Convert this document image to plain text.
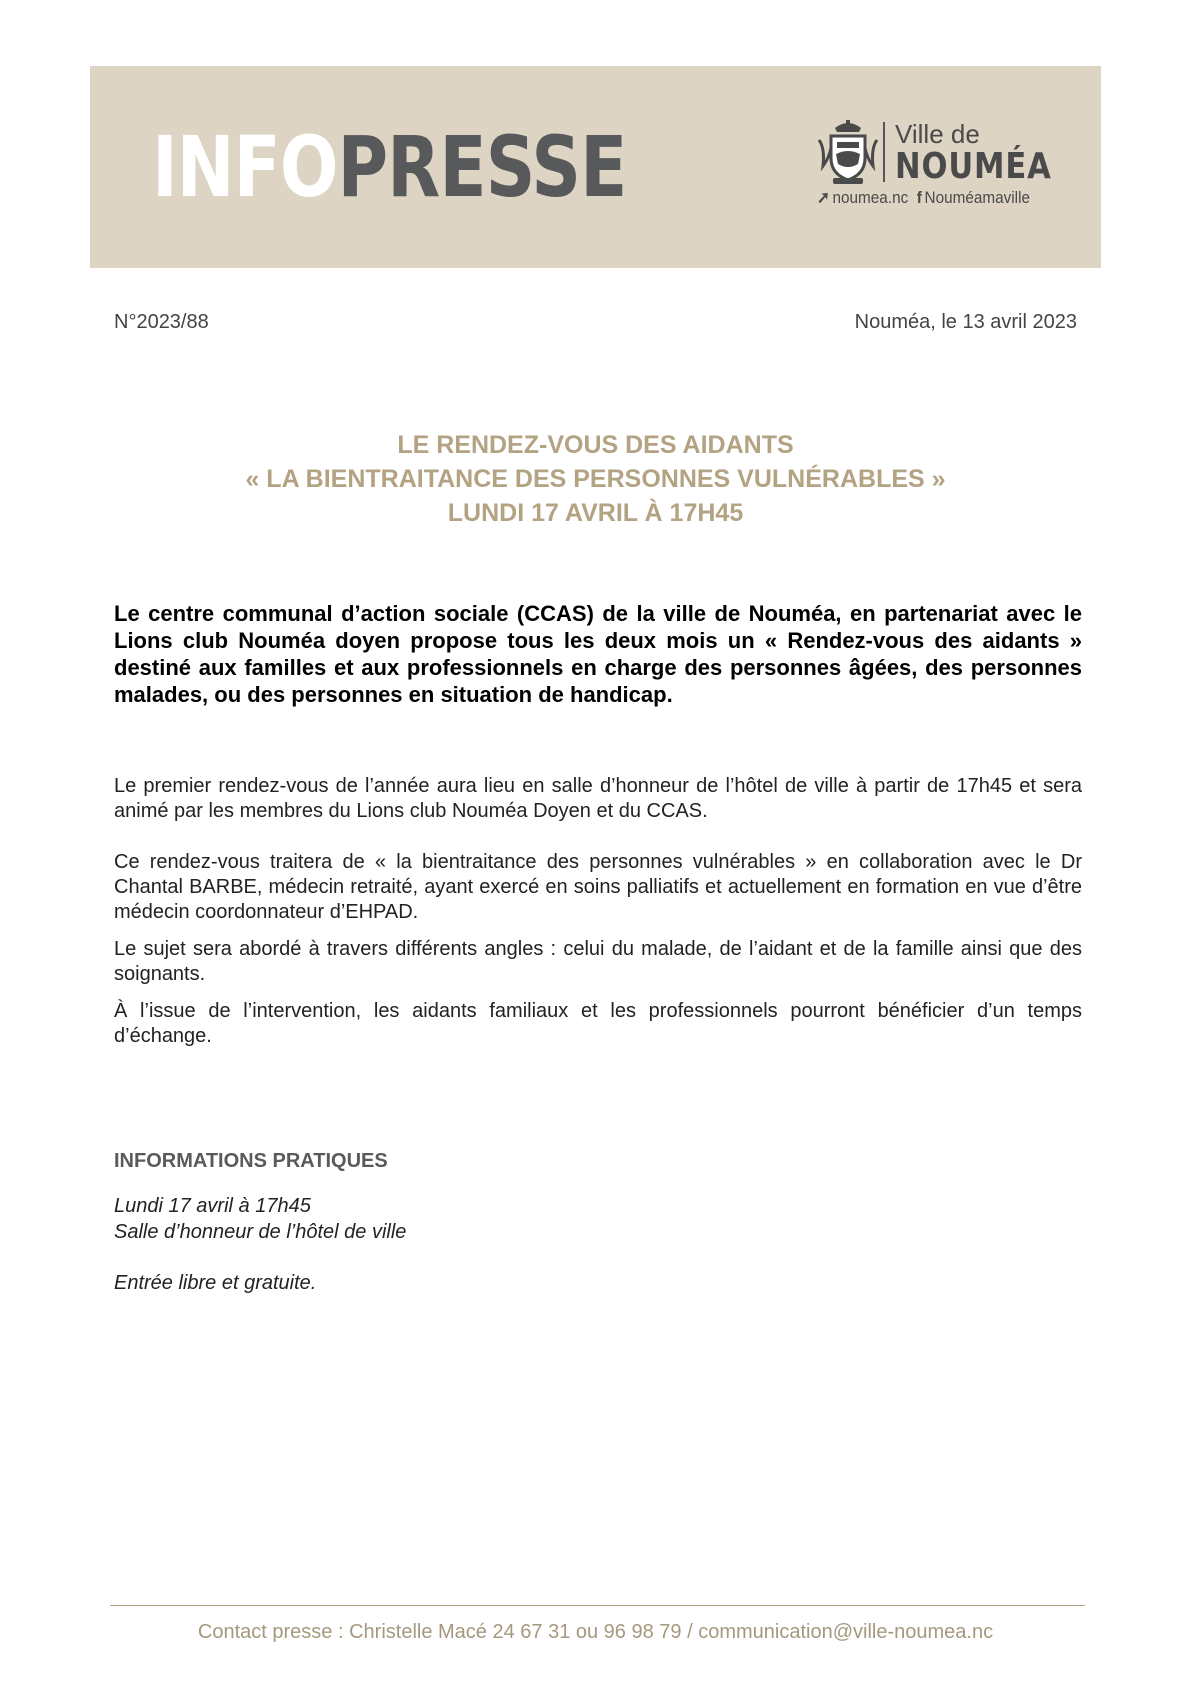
INFOPRESSE	Ville de
NOUMÉA
➚ noumea.nc f Nouméamaville
N°2023/88	Nouméa, le 13 avril 2023
LE RENDEZ-VOUS DES AIDANTS
« LA BIENTRAITANCE DES PERSONNES VULNÉRABLES »
LUNDI 17 AVRIL À 17H45
Le centre communal d’action sociale (CCAS) de la ville de Nouméa, en partenariat avec le Lions club Nouméa doyen propose tous les deux mois un « Rendez-vous des aidants » destiné aux familles et aux professionnels en charge des personnes âgées, des personnes malades, ou des personnes en situation de handicap.
Le premier rendez-vous de l’année aura lieu en salle d’honneur de l’hôtel de ville à partir de 17h45 et sera animé par les membres du Lions club Nouméa Doyen et du CCAS.
Ce rendez-vous traitera de « la bientraitance des personnes vulnérables » en collaboration avec le Dr Chantal BARBE, médecin retraité, ayant exercé en soins palliatifs et actuellement en formation en vue d’être médecin coordonnateur d’EHPAD.
Le sujet sera abordé à travers différents angles : celui du malade, de l’aidant et de la famille ainsi que des soignants.
À l’issue de l’intervention, les aidants familiaux et les professionnels pourront bénéficier d’un temps d’échange.
INFORMATIONS PRATIQUES
Lundi 17 avril à 17h45
Salle d’honneur de l’hôtel de ville
Entrée libre et gratuite.
Contact presse : Christelle Macé 24 67 31 ou 96 98 79 / communication@ville-noumea.nc
